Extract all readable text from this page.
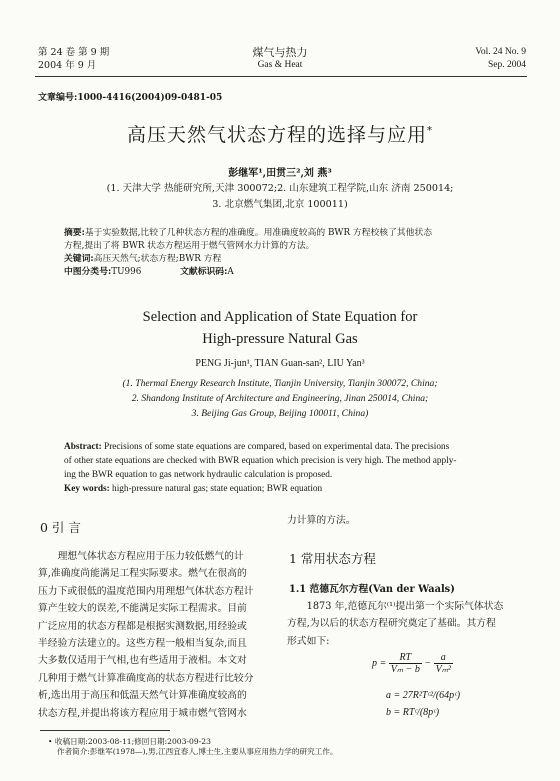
第 24 卷 第 9 期
2004 年 9 月
煤气与热力
Gas & Heat
Vol. 24 No. 9
Sep. 2004
文章编号:1000-4416(2004)09-0481-05
高压天然气状态方程的选择与应用*
彭继军¹,田贯三²,刘 燕³
(1. 天津大学 热能研究所,天津 300072;2. 山东建筑工程学院,山东 济南 250014;
3. 北京燃气集团,北京 100011)
摘要:基于实验数据,比较了几种状态方程的准确度。用准确度较高的 BWR 方程校核了其他状态
方程,提出了将 BWR 状态方程运用于燃气管网水力计算的方法。
关键词:高压天然气;状态方程;BWR 方程
中图分类号:TU996	文献标识码:A
Selection and Application of State Equation for
High-pressure Natural Gas
PENG Ji-jun¹, TIAN Guan-san², LIU Yan³
(1. Thermal Energy Research Institute, Tianjin University, Tianjin 300072, China;
2. Shandong Institute of Architecture and Engineering, Jinan 250014, China;
3. Beijing Gas Group, Beijing 100011, China)
Abstract: Precisions of some state equations are compared, based on experimental data. The precisions
of other state equations are checked with BWR equation which precision is very high. The method apply-
ing the BWR equation to gas network hydraulic calculation is proposed.
Key words: high-pressure natural gas; state equation; BWR equation
0 引 言
理想气体状态方程应用于压力较低燃气的计
算,准确度尚能满足工程实际要求。燃气在很高的
压力下或很低的温度范围内用理想气体状态方程计
算产生较大的误差,不能满足实际工程需求。目前
广泛应用的状态方程都是根据实测数据,用经验或
半经验方法建立的。这些方程一般相当复杂,而且
大多数仅适用于气相,也有些适用于液相。本文对
几种用于燃气计算准确度高的状态方程进行比较分
析,选出用于高压和低温天然气计算准确度较高的
状态方程,并提出将该方程应用于城市燃气管网水
力计算的方法。
1 常用状态方程
1.1 范德瓦尔方程(Van der Waals)
1873 年,范德瓦尔⁽¹⁾提出第一个实际气体状态
方程,为以后的状态方程研究奠定了基础。其方程
形式如下:
$p = \frac{RT}{\text{Vₘ − b}} - \frac{a}{\text{Vₘ²}}$
a = 27R²Tᶜ²/(64pᶜ)
b = RTᶜ/(8pᶜ)
• 收稿日期:2003-08-11;修回日期:2003-09-23
作者简介:彭继军(1978—),男,江西宜春人,博士生,主要从事应用热力学的研究工作。
